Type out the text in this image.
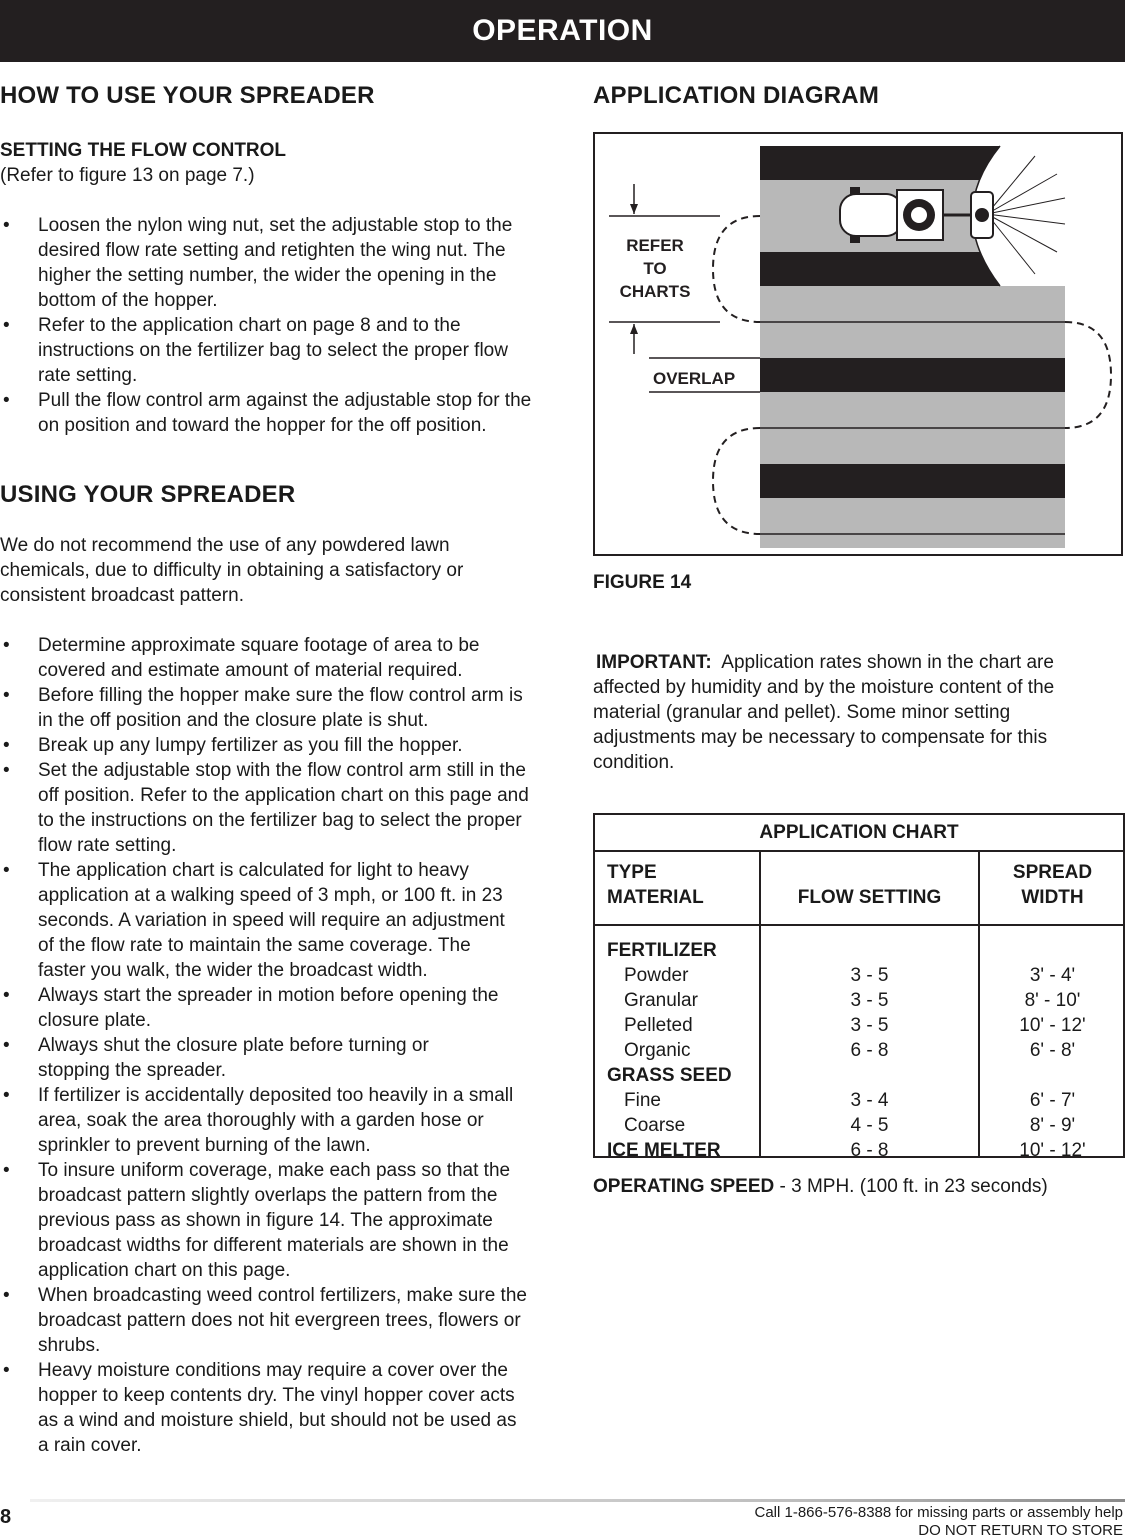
OPERATION
HOW TO USE YOUR SPREADER
SETTING THE FLOW CONTROL
(Refer to figure 13 on page 7.)
• Loosen the nylon wing nut, set the adjustable stop to the desired flow rate setting and retighten the wing nut. The higher the setting number, the wider the opening in the bottom of the hopper.
• Refer to the application chart on page 8 and to the instructions on the fertilizer bag to select the proper flow rate setting.
• Pull the flow control arm against the adjustable stop for the on position and toward the hopper for the off position.
USING YOUR SPREADER
We do not recommend the use of any powdered lawn chemicals, due to difficulty in obtaining a satisfactory or consistent broadcast pattern.
• Determine approximate square footage of area to be covered and estimate amount of material required.
• Before filling the hopper make sure the flow control arm is in the off position and the closure plate is shut.
• Break up any lumpy fertilizer as you fill the hopper.
• Set the adjustable stop with the flow control arm still in the off position. Refer to the application chart on this page and to the instructions on the fertilizer bag to select the proper flow rate setting.
• The application chart is calculated for light to heavy application at a walking speed of 3 mph, or 100 ft. in 23 seconds. A variation in speed will require an adjustment of the flow rate to maintain the same coverage. The faster you walk, the wider the broadcast width.
• Always start the spreader in motion before opening the closure plate.
• Always shut the closure plate before turning or stopping the spreader.
• If fertilizer is accidentally deposited too heavily in a small area, soak the area thoroughly with a garden hose or sprinkler to prevent burning of the lawn.
• To insure uniform coverage, make each pass so that the broadcast pattern slightly overlaps the pattern from the previous pass as shown in figure 14. The approximate broadcast widths for different materials are shown in the application chart on this page.
• When broadcasting weed control fertilizers, make sure the broadcast pattern does not hit evergreen trees, flowers or shrubs.
• Heavy moisture conditions may require a cover over the hopper to keep contents dry. The vinyl hopper cover acts as a wind and moisture shield, but should not be used as a rain cover.
APPLICATION DIAGRAM
REFER
TO
CHARTS
OVERLAP
FIGURE 14
IMPORTANT: Application rates shown in the chart are affected by humidity and by the moisture content of the material (granular and pellet). Some minor setting adjustments may be necessary to compensate for this condition.
APPLICATION CHART
TYPE
MATERIAL	FLOW SETTING
SPREAD
WIDTH
FERTILIZER
Powder	3 - 5	3' - 4'
Granular	3 - 5	8' - 10'
Pelleted	3 - 5	10' - 12'
Organic	6 - 8	6' - 8'
GRASS SEED
Fine	3 - 4	6' - 7'
Coarse	4 - 5	8' - 9'
ICE MELTER	6 - 8	10' - 12'
OPERATING SPEED - 3 MPH. (100 ft. in 23 seconds)
8	Call 1-866-576-8388 for missing parts or assembly help
DO NOT RETURN TO STORE
